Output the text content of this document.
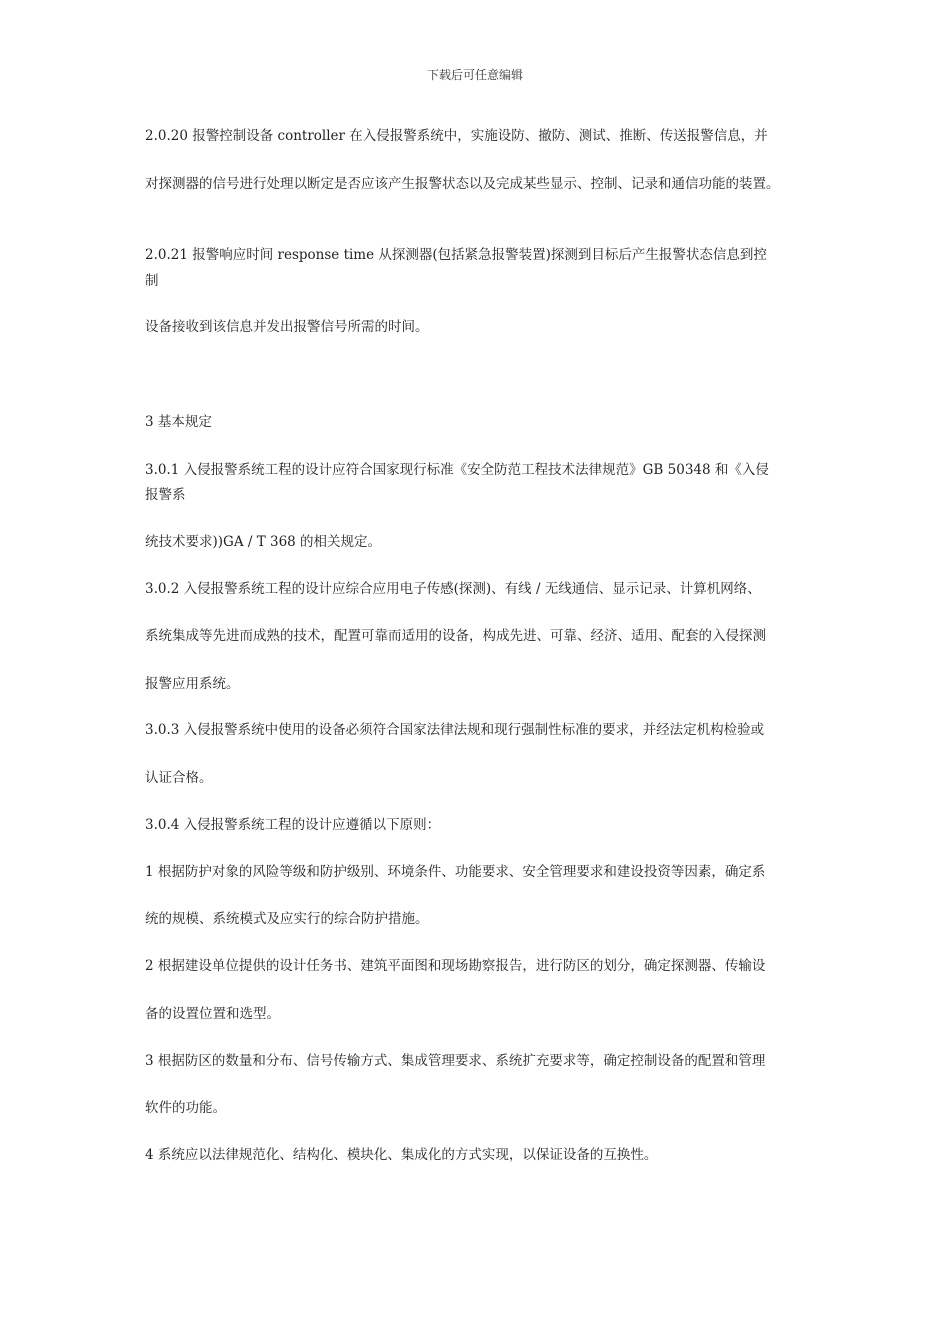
下载后可任意编辑
2.0.20 报警控制设备 controller 在入侵报警系统中，实施设防、撤防、测试、推断、传送报警信息，并
对探测器的信号进行处理以断定是否应该产生报警状态以及完成某些显示、控制、记录和通信功能的装置。
2.0.21 报警响应时间 response time 从探测器(包括紧急报警装置)探测到目标后产生报警状态信息到控
制
设备接收到该信息并发出报警信号所需的时间。
3 基本规定
3.0.1 入侵报警系统工程的设计应符合国家现行标准《安全防范工程技术法律规范》GB 50348 和《入侵
报警系
统技术要求))GA / T 368 的相关规定。
3.0.2 入侵报警系统工程的设计应综合应用电子传感(探测)、有线 / 无线通信、显示记录、计算机网络、
系统集成等先进而成熟的技术，配置可靠而适用的设备，构成先进、可靠、经济、适用、配套的入侵探测
报警应用系统。
3.0.3 入侵报警系统中使用的设备必须符合国家法律法规和现行强制性标准的要求，并经法定机构检验或
认证合格。
3.0.4 入侵报警系统工程的设计应遵循以下原则：
1 根据防护对象的风险等级和防护级别、环境条件、功能要求、安全管理要求和建设投资等因素，确定系
统的规模、系统模式及应实行的综合防护措施。
2 根据建设单位提供的设计任务书、建筑平面图和现场勘察报告，进行防区的划分，确定探测器、传输设
备的设置位置和选型。
3 根据防区的数量和分布、信号传输方式、集成管理要求、系统扩充要求等，确定控制设备的配置和管理
软件的功能。
4 系统应以法律规范化、结构化、模块化、集成化的方式实现，以保证设备的互换性。
